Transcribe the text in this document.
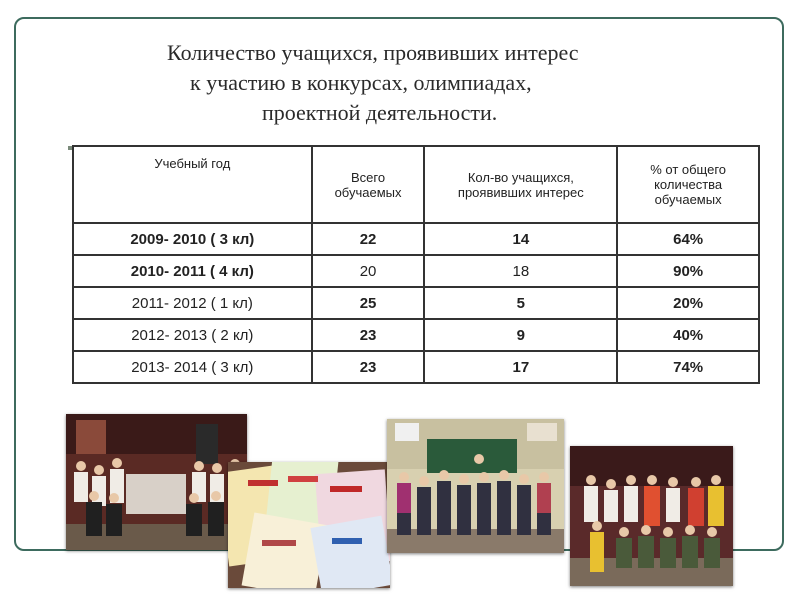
Количество учащихся, проявивших интерес
к участию в конкурсах, олимпиадах,
проектной деятельности.
Учебный год	Всего обучаемых	Кол-во учащихся, проявивших интерес	% от общего количества обучаемых

2009- 2010 ( 3 кл)	22	14	64%
2010- 2011 ( 4 кл)	20	18	90%
2011- 2012 ( 1 кл)	25	5	20%
2012- 2013 ( 2 кл)	23	9	40%
2013- 2014 ( 3 кл)	23	17	74%
